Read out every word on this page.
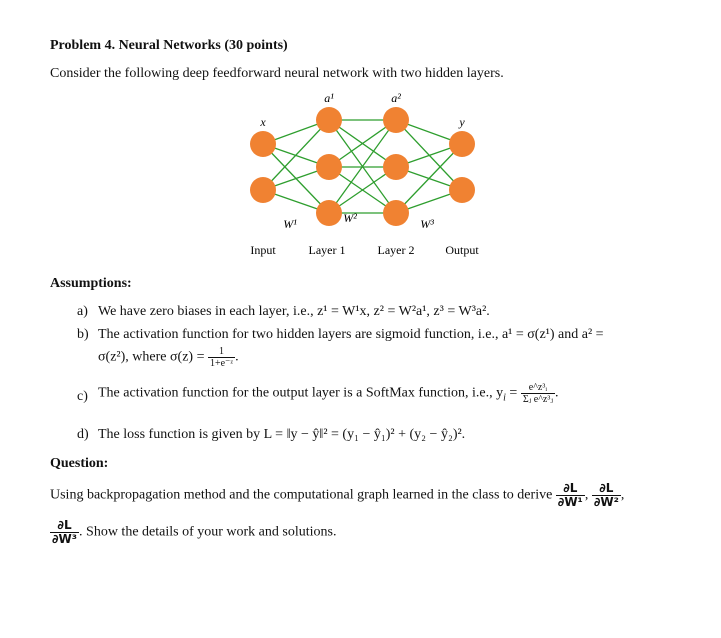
Problem 4. Neural Networks (30 points)
Consider the following deep feedforward neural network with two hidden layers.
x
a¹	a²
y
W¹	W²	W³
Input	Layer 1	Layer 2	Output
Assumptions:
a) We have zero biases in each layer, i.e., z¹ = W¹x, z² = W²a¹, z³ = W³a².
b) The activation function for two hidden layers are sigmoid function, i.e., a¹ = σ(z¹) and a² =
σ(z²), where $\sigma(z) = \frac{1}{\text{1+e⁻ᶻ}}$ .
c) The activation function for the output layer is a SoftMax function, i.e., $y_i = \frac{\text{e\textasciicircum{}z³ᵢ}}{\text{Σⱼ e\textasciicircum{}z³ⱼ}}$ .
d) The loss function is given by L = ‖y − ŷ‖² = (y₁ − ŷ₁)² + (y₂ − ŷ₂)².
Question:
Using backpropagation method and the computational graph learned in the class to derive $\frac{\partial L}{\text{∂W¹}}$ , $\frac{\partial L}{\text{∂W²}}$ ,
$\frac{\partial L}{\text{∂W³}}$ . Show the details of your work and solutions.
